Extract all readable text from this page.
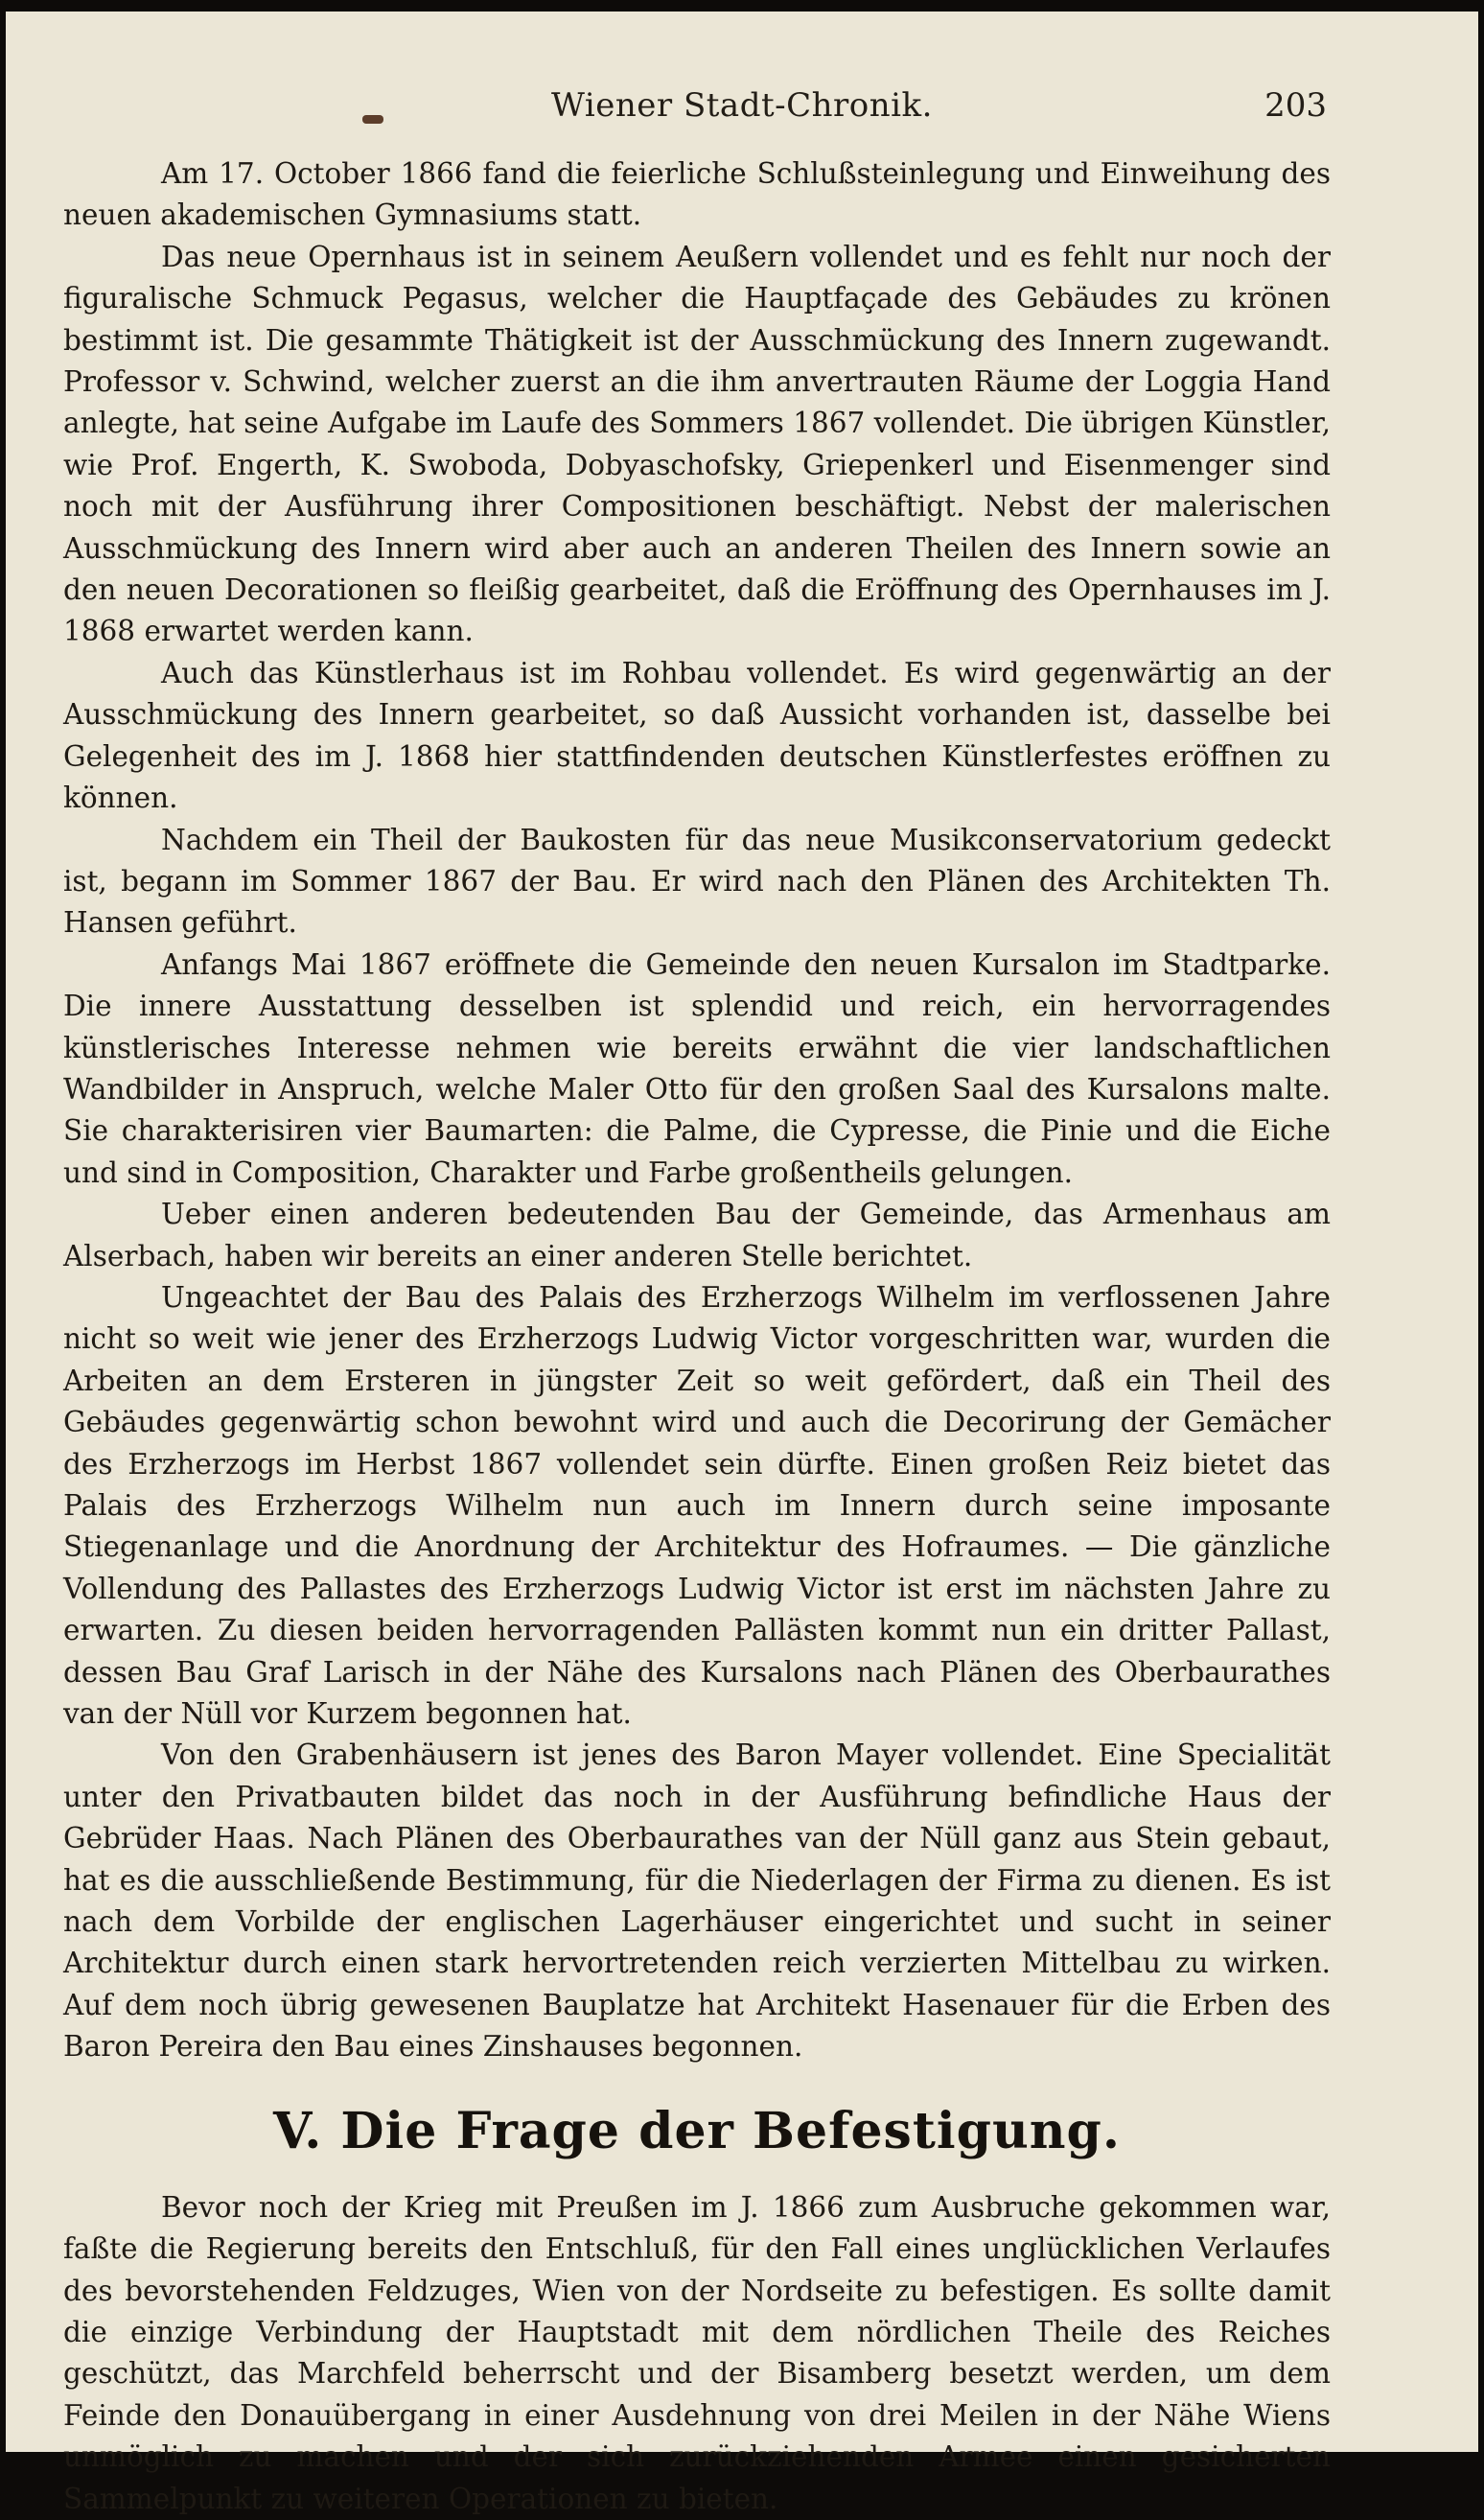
Wiener Stadt-Chronik.	203

Am 17. October 1866 fand die feierliche Schlußsteinlegung und Einweihung des neuen akademischen Gymnasiums statt.

Das neue Opernhaus ist in seinem Aeußern vollendet und es fehlt nur noch der figuralische Schmuck Pegasus, welcher die Hauptfaçade des Gebäudes zu krönen bestimmt ist. Die gesammte Thätigkeit ist der Ausschmückung des Innern zugewandt. Professor v. Schwind, welcher zuerst an die ihm anvertrauten Räume der Loggia Hand anlegte, hat seine Aufgabe im Laufe des Sommers 1867 vollendet. Die übrigen Künstler, wie Prof. Engerth, K. Swoboda, Dobyaschofsky, Griepenkerl und Eisenmenger sind noch mit der Ausführung ihrer Compositionen beschäftigt. Nebst der malerischen Ausschmückung des Innern wird aber auch an anderen Theilen des Innern sowie an den neuen Decorationen so fleißig gearbeitet, daß die Eröffnung des Opernhauses im J. 1868 erwartet werden kann.

Auch das Künstlerhaus ist im Rohbau vollendet. Es wird gegenwärtig an der Ausschmückung des Innern gearbeitet, so daß Aussicht vorhanden ist, dasselbe bei Gelegenheit des im J. 1868 hier stattfindenden deutschen Künstlerfestes eröffnen zu können.

Nachdem ein Theil der Baukosten für das neue Musikconservatorium gedeckt ist, begann im Sommer 1867 der Bau. Er wird nach den Plänen des Architekten Th. Hansen geführt.

Anfangs Mai 1867 eröffnete die Gemeinde den neuen Kursalon im Stadtparke. Die innere Ausstattung desselben ist splendid und reich, ein hervorragendes künstlerisches Interesse nehmen wie bereits erwähnt die vier landschaftlichen Wandbilder in Anspruch, welche Maler Otto für den großen Saal des Kursalons malte. Sie charakterisiren vier Baumarten: die Palme, die Cypresse, die Pinie und die Eiche und sind in Composition, Charakter und Farbe großentheils gelungen.

Ueber einen anderen bedeutenden Bau der Gemeinde, das Armenhaus am Alserbach, haben wir bereits an einer anderen Stelle berichtet.

Ungeachtet der Bau des Palais des Erzherzogs Wilhelm im verflossenen Jahre nicht so weit wie jener des Erzherzogs Ludwig Victor vorgeschritten war, wurden die Arbeiten an dem Ersteren in jüngster Zeit so weit gefördert, daß ein Theil des Gebäudes gegenwärtig schon bewohnt wird und auch die Decorirung der Gemächer des Erzherzogs im Herbst 1867 vollendet sein dürfte. Einen großen Reiz bietet das Palais des Erzherzogs Wilhelm nun auch im Innern durch seine imposante Stiegenanlage und die Anordnung der Architektur des Hofraumes. — Die gänzliche Vollendung des Pallastes des Erzherzogs Ludwig Victor ist erst im nächsten Jahre zu erwarten. Zu diesen beiden hervorragenden Pallästen kommt nun ein dritter Pallast, dessen Bau Graf Larisch in der Nähe des Kursalons nach Plänen des Oberbaurathes van der Nüll vor Kurzem begonnen hat.

Von den Grabenhäusern ist jenes des Baron Mayer vollendet. Eine Specialität unter den Privatbauten bildet das noch in der Ausführung befindliche Haus der Gebrüder Haas. Nach Plänen des Oberbaurathes van der Nüll ganz aus Stein gebaut, hat es die ausschließende Bestimmung, für die Niederlagen der Firma zu dienen. Es ist nach dem Vorbilde der englischen Lagerhäuser eingerichtet und sucht in seiner Architektur durch einen stark hervortretenden reich verzierten Mittelbau zu wirken. Auf dem noch übrig gewesenen Bauplatze hat Architekt Hasenauer für die Erben des Baron Pereira den Bau eines Zinshauses begonnen.

V. Die Frage der Befestigung.

Bevor noch der Krieg mit Preußen im J. 1866 zum Ausbruche gekommen war, faßte die Regierung bereits den Entschluß, für den Fall eines unglücklichen Verlaufes des bevorstehenden Feldzuges, Wien von der Nordseite zu befestigen. Es sollte damit die einzige Verbindung der Hauptstadt mit dem nördlichen Theile des Reiches geschützt, das Marchfeld beherrscht und der Bisamberg besetzt werden, um dem Feinde den Donauübergang in einer Ausdehnung von drei Meilen in der Nähe Wiens unmöglich zu machen und der sich zurückziehenden Armee einen gesicherten Sammelpunkt zu weiteren Operationen zu bieten.
